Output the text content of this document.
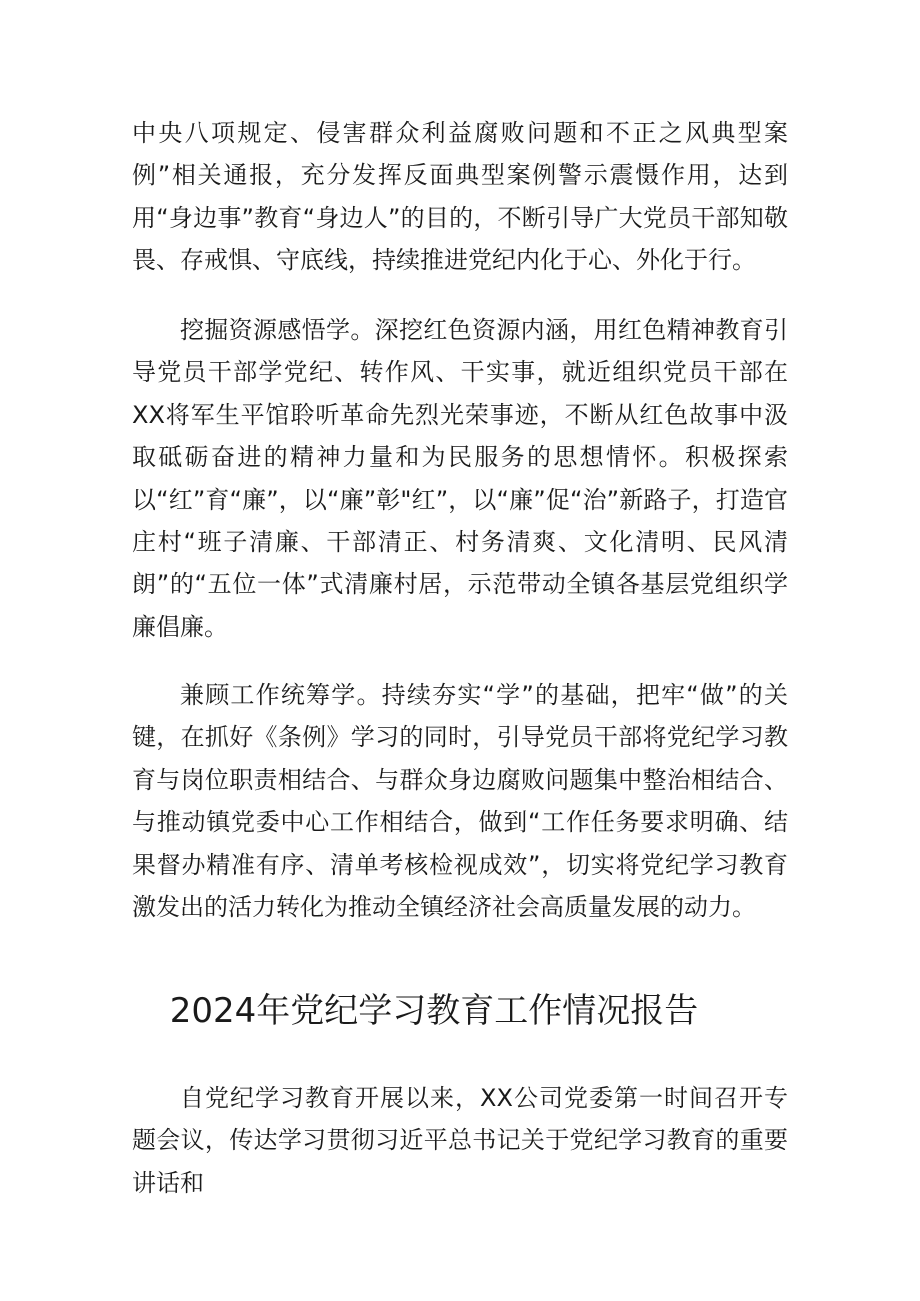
中央八项规定、侵害群众利益腐败问题和不正之风典型案例”相关通报，充分发挥反面典型案例警示震慑作用，达到用“身边事”教育“身边人”的目的，不断引导广大党员干部知敬畏、存戒惧、守底线，持续推进党纪内化于心、外化于行。

挖掘资源感悟学。深挖红色资源内涵，用红色精神教育引导党员干部学党纪、转作风、干实事，就近组织党员干部在XX将军生平馆聆听革命先烈光荣事迹，不断从红色故事中汲取砥砺奋进的精神力量和为民服务的思想情怀。积极探索以“红”育“廉”，以“廉”彰"红”，以“廉”促“治”新路子，打造官庄村“班子清廉、干部清正、村务清爽、文化清明、民风清朗”的“五位一体”式清廉村居，示范带动全镇各基层党组织学廉倡廉。

兼顾工作统筹学。持续夯实“学”的基础，把牢“做”的关键，在抓好《条例》学习的同时，引导党员干部将党纪学习教育与岗位职责相结合、与群众身边腐败问题集中整治相结合、与推动镇党委中心工作相结合，做到“工作任务要求明确、结果督办精准有序、清单考核检视成效”，切实将党纪学习教育激发出的活力转化为推动全镇经济社会高质量发展的动力。

2024年党纪学习教育工作情况报告

自党纪学习教育开展以来，XX公司党委第一时间召开专题会议，传达学习贯彻习近平总书记关于党纪学习教育的重要讲话和
